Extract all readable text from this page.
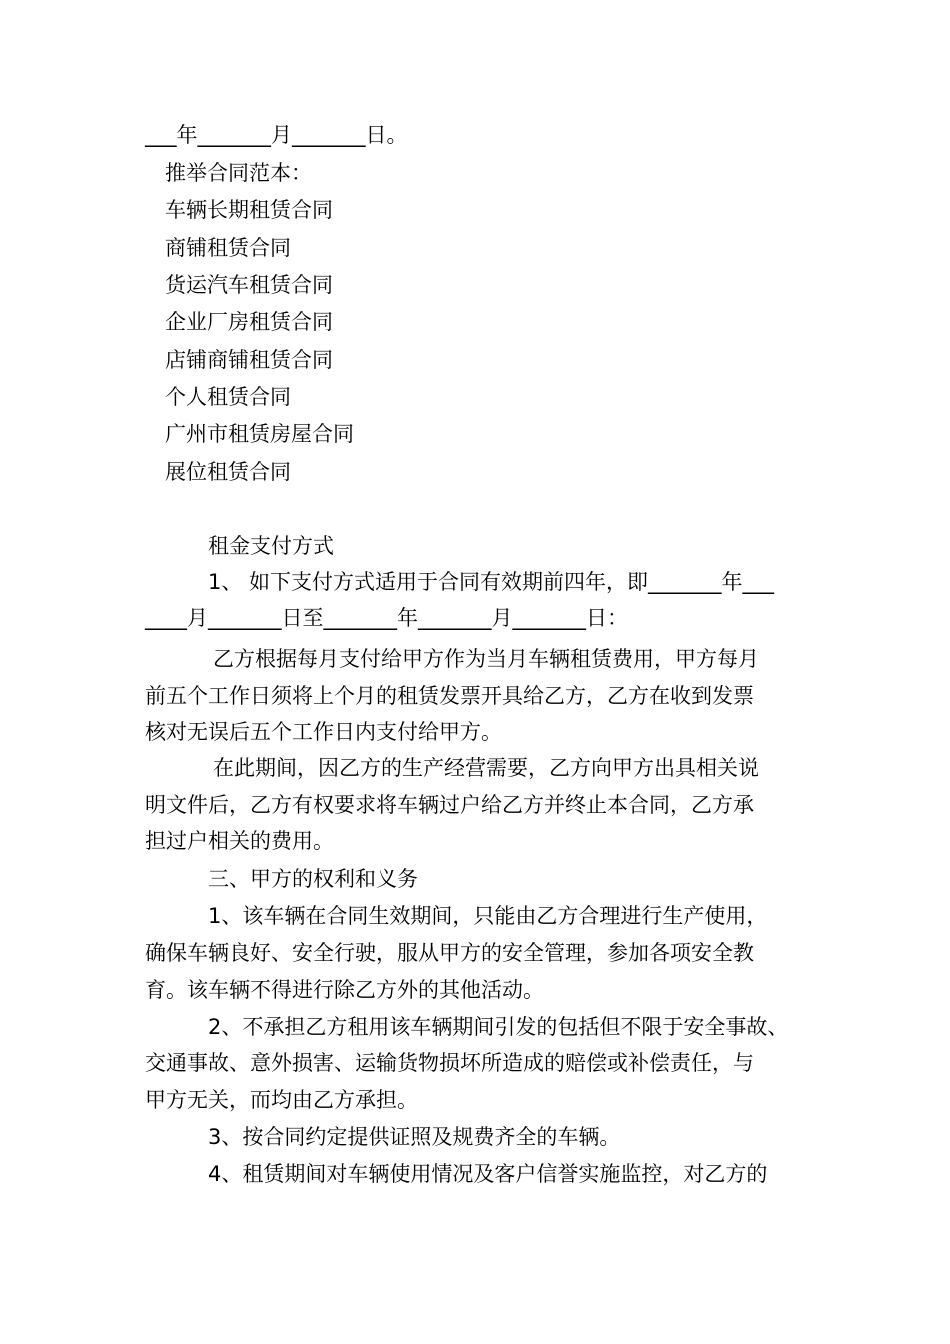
___年_______月_______日。

推举合同范本：

车辆长期租赁合同

商铺租赁合同

货运汽车租赁合同

企业厂房租赁合同

店铺商铺租赁合同

个人租赁合同

广州市租赁房屋合同

展位租赁合同

租金支付方式

1、 如下支付方式适用于合同有效期前四年，即_______年___

____月_______日至_______年_______月_______日：

乙方根据每月支付给甲方作为当月车辆租赁费用，甲方每月

前五个工作日须将上个月的租赁发票开具给乙方，乙方在收到发票

核对无误后五个工作日内支付给甲方。

在此期间，因乙方的生产经营需要，乙方向甲方出具相关说

明文件后，乙方有权要求将车辆过户给乙方并终止本合同，乙方承

担过户相关的费用。

三、甲方的权利和义务

1、该车辆在合同生效期间，只能由乙方合理进行生产使用，

确保车辆良好、安全行驶，服从甲方的安全管理，参加各项安全教

育。该车辆不得进行除乙方外的其他活动。

2、不承担乙方租用该车辆期间引发的包括但不限于安全事故、

交通事故、意外损害、运输货物损坏所造成的赔偿或补偿责任，与

甲方无关，而均由乙方承担。

3、按合同约定提供证照及规费齐全的车辆。

4、租赁期间对车辆使用情况及客户信誉实施监控，对乙方的
